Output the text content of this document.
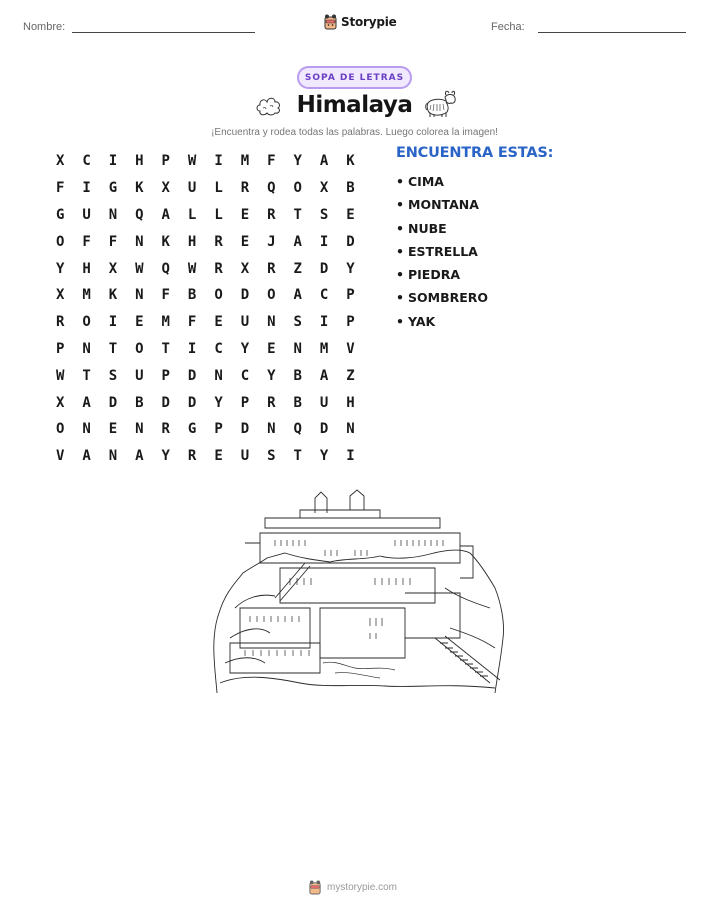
Nombre:	Storypie	Fecha:
SOPA DE LETRAS
Himalaya
¡Encuentra y rodea todas las palabras. Luego colorea la imagen!
X	C	I	H	P	W	I	M	F	Y	A	K
F	I	G	K	X	U	L	R	Q	O	X	B
G	U	N	Q	A	L	L	E	R	T	S	E
O	F	F	N	K	H	R	E	J	A	I	D
Y	H	X	W	Q	W	R	X	R	Z	D	Y
X	M	K	N	F	B	O	D	O	A	C	P
R	O	I	E	M	F	E	U	N	S	I	P
P	N	T	O	T	I	C	Y	E	N	M	V
W	T	S	U	P	D	N	C	Y	B	A	Z
X	A	D	B	D	D	Y	P	R	B	U	H
O	N	E	N	R	G	P	D	N	Q	D	N
V	A	N	A	Y	R	E	U	S	T	Y	I
ENCUENTRA ESTAS:
• CIMA
• MONTANA
• NUBE
• ESTRELLA
• PIEDRA
• SOMBRERO
• YAK
mystorypie.com
